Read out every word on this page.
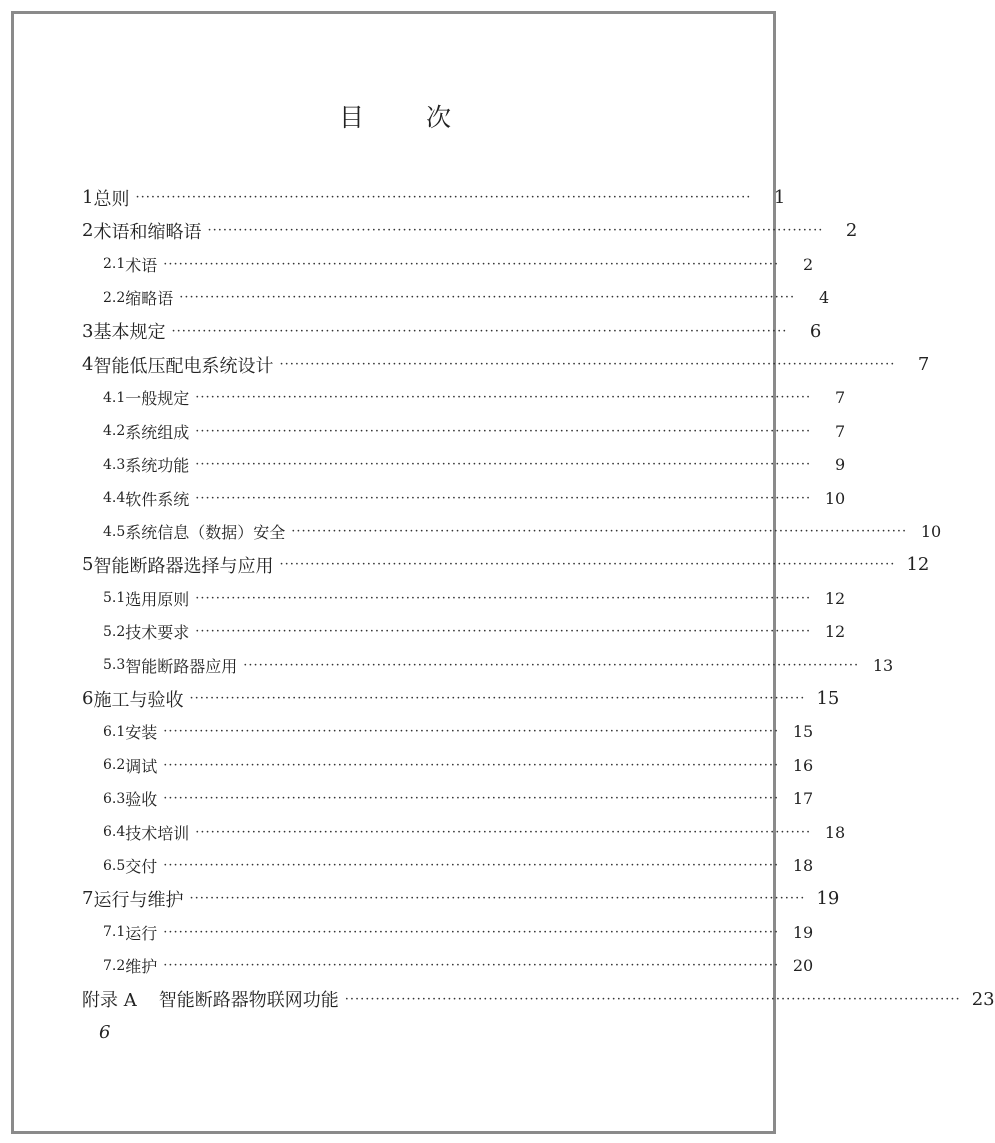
目 次
1 总则 ························································································································	1
2 术语和缩略语 ························································································································	2
2.1 术语 ························································································································	2
2.2 缩略语 ························································································································	4
3 基本规定 ························································································································	6
4 智能低压配电系统设计 ························································································································	7
4.1 一般规定 ························································································································	7
4.2 系统组成 ························································································································	7
4.3 系统功能 ························································································································	9
4.4 软件系统 ························································································································ 10
4.5 系统信息（数据）安全 ························································································································ 10
5 智能断路器选择与应用 ························································································································ 12
5.1 选用原则 ························································································································ 12
5.2 技术要求 ························································································································ 12
5.3 智能断路器应用 ························································································································ 13
6 施工与验收 ························································································································ 15
6.1 安装 ························································································································ 15
6.2 调试 ························································································································ 16
6.3 验收 ························································································································ 17
6.4 技术培训 ························································································································ 18
6.5 交付 ························································································································ 18
7 运行与维护 ························································································································ 19
7.1 运行 ························································································································ 19
7.2 维护 ························································································································ 20
附录 A	智能断路器物联网功能 ························································································································ 23
6
